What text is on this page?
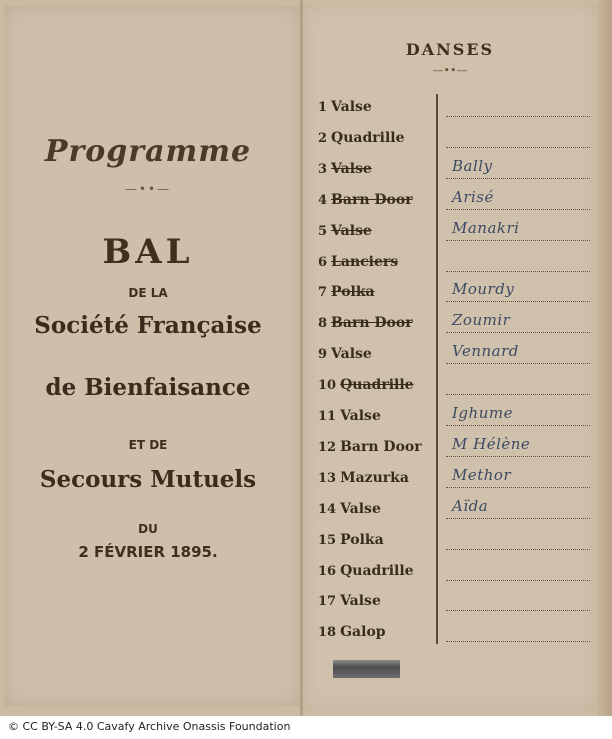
Programme
—••—
BAL
DE LA
Société Française
de Bienfaisance
ET DE
Secours Mutuels
DU
2 FÉVRIER 1895.
DANSES
—••—
1 Valse
2 Quadrille
3 Valse	Bally
4 Barn Door	Arisé
5 Valse	Manakri
6 Lanciers
7 Polka	Mourdy
8 Barn Door	Zoumir
9 Valse	Vennard
10 Quadrille
11 Valse	Ighume
12 Barn Door	M Hélène
13 Mazurka	Methor
14 Valse	Aïda
15 Polka
16 Quadrille
17 Valse
18 Galop
© CC BY-SA 4.0 Cavafy Archive Onassis Foundation
